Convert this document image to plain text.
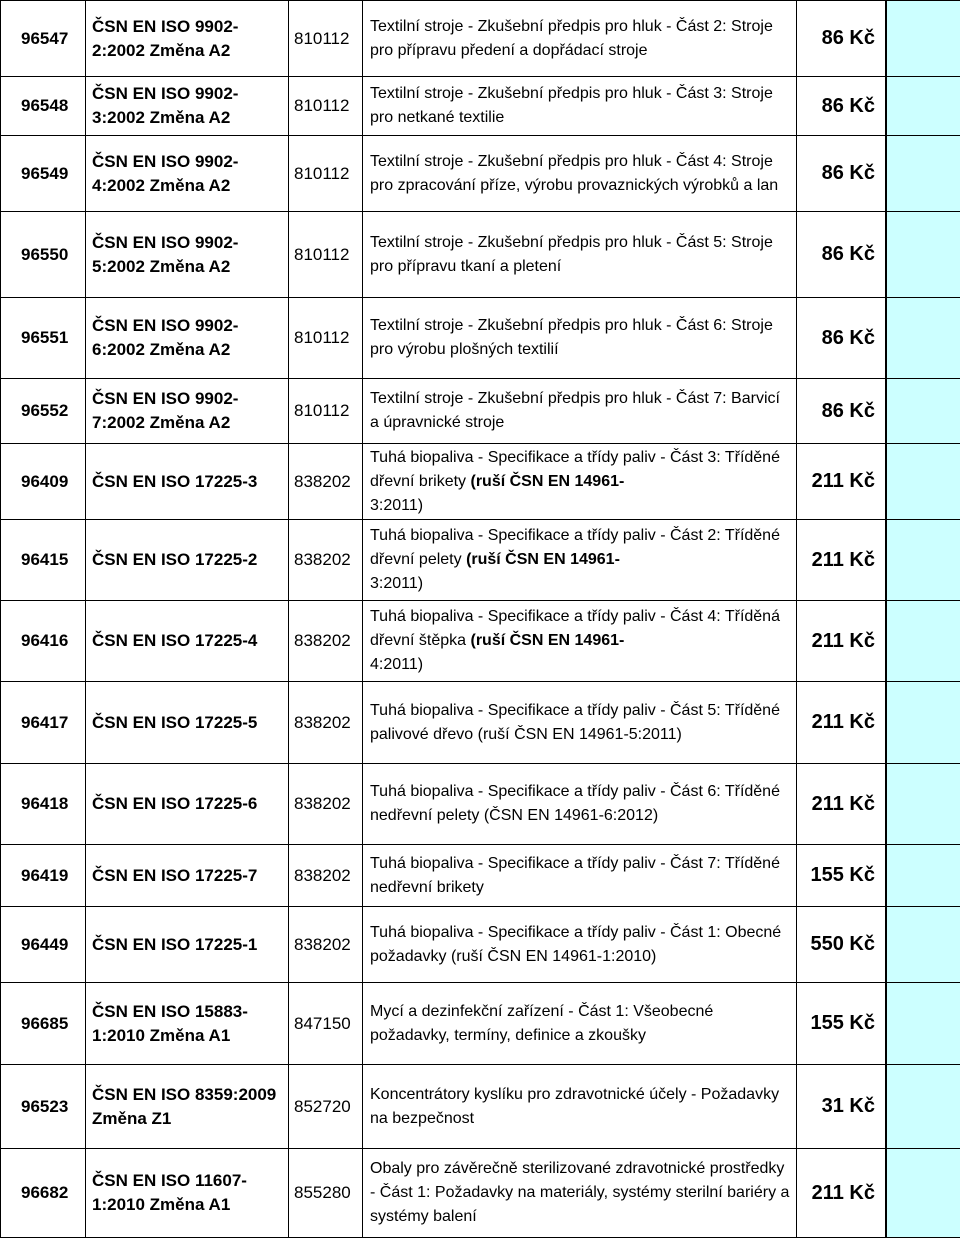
96547	ČSN EN ISO 9902-2:2002 Změna A2	810112	Textilní stroje - Zkušební předpis pro hluk - Část 2: Stroje pro přípravu předení a dopřádací stroje	86 Kč	
96548	ČSN EN ISO 9902-3:2002 Změna A2	810112	Textilní stroje - Zkušební předpis pro hluk - Část 3: Stroje pro netkané textilie	86 Kč	
96549	ČSN EN ISO 9902-4:2002 Změna A2	810112	Textilní stroje - Zkušební předpis pro hluk - Část 4: Stroje pro zpracování příze, výrobu provaznických výrobků a lan	86 Kč	
96550	ČSN EN ISO 9902-5:2002 Změna A2	810112	Textilní stroje - Zkušební předpis pro hluk - Část 5: Stroje pro přípravu tkaní a pletení	86 Kč	
96551	ČSN EN ISO 9902-6:2002 Změna A2	810112	Textilní stroje - Zkušební předpis pro hluk - Část 6: Stroje pro výrobu plošných textilií	86 Kč	
96552	ČSN EN ISO 9902-7:2002 Změna A2	810112	Textilní stroje - Zkušební předpis pro hluk - Část 7: Barvicí a úpravnické stroje	86 Kč	
96409	ČSN EN ISO 17225-3	838202	Tuhá biopaliva - Specifikace a třídy paliv - Část 3: Tříděné dřevní brikety (ruší ČSN EN 14961-
3:2011)	211 Kč	
96415	ČSN EN ISO 17225-2	838202	Tuhá biopaliva - Specifikace a třídy paliv - Část 2: Tříděné dřevní pelety (ruší ČSN EN 14961-
3:2011)	211 Kč	
96416	ČSN EN ISO 17225-4	838202	Tuhá biopaliva - Specifikace a třídy paliv - Část 4: Tříděná dřevní štěpka (ruší ČSN EN 14961-
4:2011)	211 Kč	
96417	ČSN EN ISO 17225-5	838202	Tuhá biopaliva - Specifikace a třídy paliv - Část 5: Tříděné palivové dřevo (ruší ČSN EN 14961-5:2011)	211 Kč	
96418	ČSN EN ISO 17225-6	838202	Tuhá biopaliva - Specifikace a třídy paliv - Část 6: Tříděné nedřevní pelety (ČSN EN 14961-6:2012)	211 Kč	
96419	ČSN EN ISO 17225-7	838202	Tuhá biopaliva - Specifikace a třídy paliv - Část 7: Tříděné nedřevní brikety	155 Kč	
96449	ČSN EN ISO 17225-1	838202	Tuhá biopaliva - Specifikace a třídy paliv - Část 1: Obecné požadavky (ruší ČSN EN 14961-1:2010)	550 Kč	
96685	ČSN EN ISO 15883-1:2010 Změna A1	847150	Mycí a dezinfekční zařízení - Část 1: Všeobecné požadavky, termíny, definice a zkoušky	155 Kč	
96523	ČSN EN ISO 8359:2009 Změna Z1	852720	Koncentrátory kyslíku pro zdravotnické účely - Požadavky na bezpečnost	31 Kč	
96682	ČSN EN ISO 11607-1:2010 Změna A1	855280	Obaly pro závěrečně sterilizované zdravotnické prostředky - Část 1: Požadavky na materiály, systémy sterilní bariéry a systémy balení	211 Kč	
